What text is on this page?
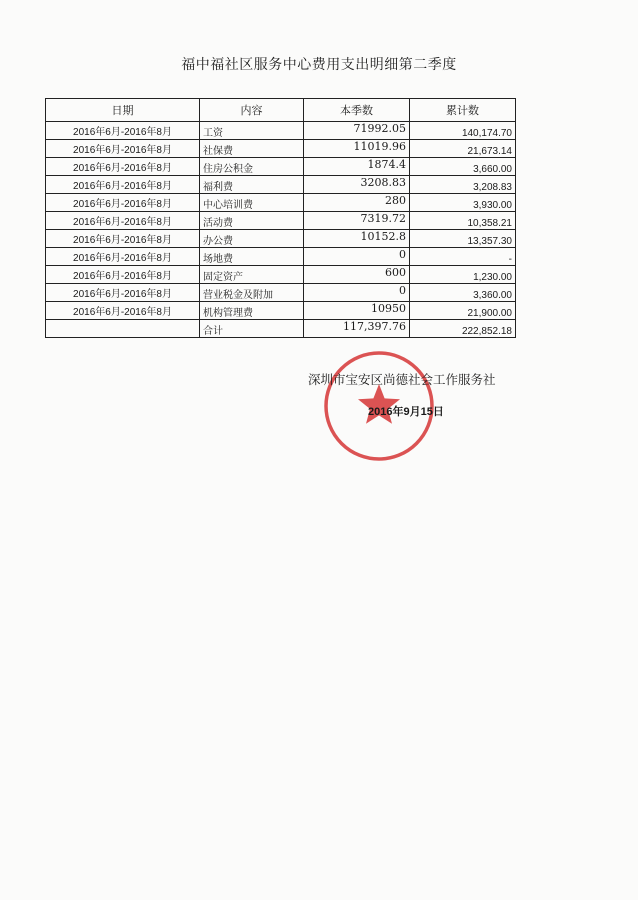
福中福社区服务中心费用支出明细第二季度
日期	内容	本季数	累计数
2016年6月-2016年8月	工资	71992.05	140,174.70
2016年6月-2016年8月	社保费	11019.96	21,673.14
2016年6月-2016年8月	住房公积金	1874.4	3,660.00
2016年6月-2016年8月	福利费	3208.83	3,208.83
2016年6月-2016年8月	中心培训费	280	3,930.00
2016年6月-2016年8月	活动费	7319.72	10,358.21
2016年6月-2016年8月	办公费	10152.8	13,357.30
2016年6月-2016年8月	场地费	0	-
2016年6月-2016年8月	固定资产	600	1,230.00
2016年6月-2016年8月	营业税金及附加	0	3,360.00
2016年6月-2016年8月	机构管理费	10950	21,900.00
	合计	117,397.76	222,852.18
深圳市宝安区尚德社会工作服务社
2016年9月15日
